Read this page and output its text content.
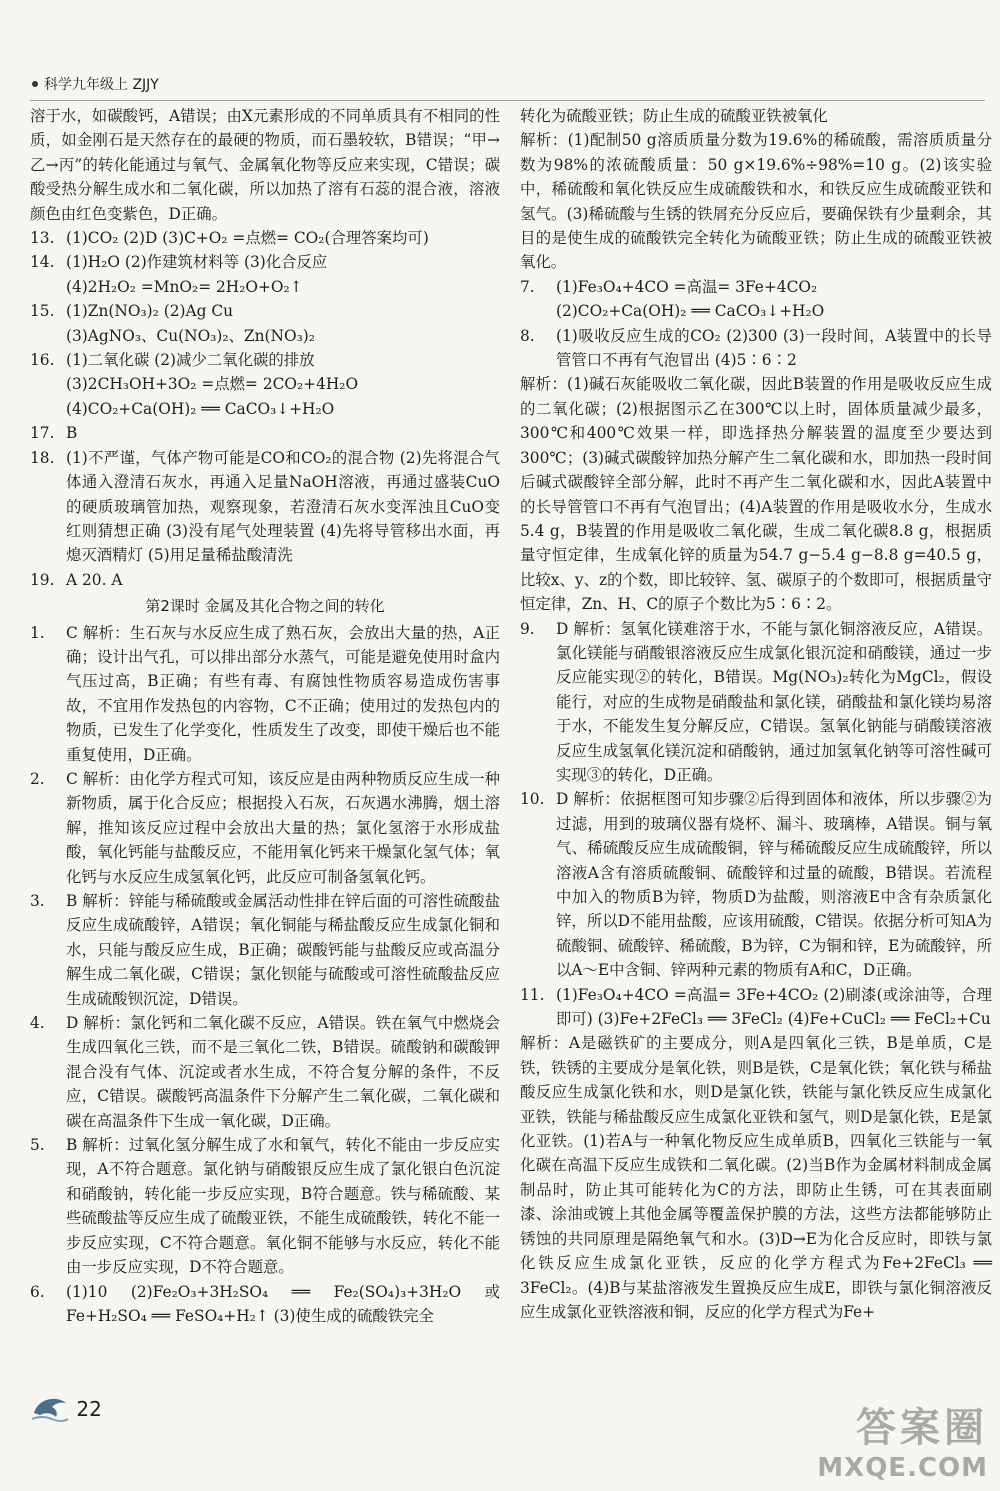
科学九年级上 ZJJY
溶于水，如碳酸钙，A错误；由X元素形成的不同单质具有不相同的性质，如金刚石是天然存在的最硬的物质，而石墨较软，B错误；“甲→乙→丙”的转化能通过与氧气、金属氧化物等反应来实现，C错误；碳酸受热分解生成水和二氧化碳，所以加热了溶有石蕊的混合液，溶液颜色由红色变紫色，D正确。
13. (1)CO₂ (2)D (3)C+O₂ =点燃= CO₂(合理答案均可)
14. (1)H₂O (2)作建筑材料等 (3)化合反应
(4)2H₂O₂ =MnO₂= 2H₂O+O₂↑
15. (1)Zn(NO₃)₂ (2)Ag Cu
(3)AgNO₃、Cu(NO₃)₂、Zn(NO₃)₂
16. (1)二氧化碳 (2)减少二氧化碳的排放
(3)2CH₃OH+3O₂ =点燃= 2CO₂+4H₂O
(4)CO₂+Ca(OH)₂ ══ CaCO₃↓+H₂O
17. B
18. (1)不严谨，气体产物可能是CO和CO₂的混合物 (2)先将混合气体通入澄清石灰水，再通入足量NaOH溶液，再通过盛装CuO的硬质玻璃管加热，观察现象，若澄清石灰水变浑浊且CuO变红则猜想正确 (3)没有尾气处理装置 (4)先将导管移出水面，再熄灭酒精灯 (5)用足量稀盐酸清洗
19. A 20. A
第2课时 金属及其化合物之间的转化
1.	C 解析：生石灰与水反应生成了熟石灰，会放出大量的热，A正确；设计出气孔，可以排出部分水蒸气，可能是避免使用时盒内气压过高，B正确；有些有毒、有腐蚀性物质容易造成伤害事故，不宜用作发热包的内容物，C不正确；使用过的发热包内的物质，已发生了化学变化，性质发生了改变，即使干燥后也不能重复使用，D正确。
2.	C 解析：由化学方程式可知，该反应是由两种物质反应生成一种新物质，属于化合反应；根据投入石灰，石灰遇水沸腾，烟土溶解，推知该反应过程中会放出大量的热；氯化氢溶于水形成盐酸，氧化钙能与盐酸反应，不能用氧化钙来干燥氯化氢气体；氧化钙与水反应生成氢氧化钙，此反应可制备氢氧化钙。
3.	B 解析：锌能与稀硫酸或金属活动性排在锌后面的可溶性硫酸盐反应生成硫酸锌，A错误；氧化铜能与稀盐酸反应生成氯化铜和水，只能与酸反应生成，B正确；碳酸钙能与盐酸反应或高温分解生成二氧化碳，C错误；氯化钡能与硫酸或可溶性硫酸盐反应生成硫酸钡沉淀，D错误。
4.	D 解析：氯化钙和二氧化碳不反应，A错误。铁在氧气中燃烧会生成四氧化三铁，而不是三氧化二铁，B错误。硫酸钠和碳酸钾混合没有气体、沉淀或者水生成，不符合复分解的条件，不反应，C错误。碳酸钙高温条件下分解产生二氧化碳，二氧化碳和碳在高温条件下生成一氧化碳，D正确。
5.	B 解析：过氧化氢分解生成了水和氧气，转化不能由一步反应实现，A不符合题意。氯化钠与硝酸银反应生成了氯化银白色沉淀和硝酸钠，转化能一步反应实现，B符合题意。铁与稀硫酸、某些硫酸盐等反应生成了硫酸亚铁，不能生成硫酸铁，转化不能一步反应实现，C不符合题意。氧化铜不能够与水反应，转化不能由一步反应实现，D不符合题意。
6.	(1)10 (2)Fe₂O₃+3H₂SO₄ ══ Fe₂(SO₄)₃+3H₂O 或 Fe+H₂SO₄ ══ FeSO₄+H₂↑ (3)使生成的硫酸铁完全
转化为硫酸亚铁；防止生成的硫酸亚铁被氧化
解析：(1)配制50 g溶质质量分数为19.6%的稀硫酸，需溶质质量分数为98%的浓硫酸质量：50 g×19.6%÷98%=10 g。(2)该实验中，稀硫酸和氧化铁反应生成硫酸铁和水，和铁反应生成硫酸亚铁和氢气。(3)稀硫酸与生锈的铁屑充分反应后，要确保铁有少量剩余，其目的是使生成的硫酸铁完全转化为硫酸亚铁；防止生成的硫酸亚铁被氧化。
7.	(1)Fe₃O₄+4CO =高温= 3Fe+4CO₂
(2)CO₂+Ca(OH)₂ ══ CaCO₃↓+H₂O
8.	(1)吸收反应生成的CO₂ (2)300 (3)一段时间，A装置中的长导管管口不再有气泡冒出 (4)5∶6∶2
解析：(1)碱石灰能吸收二氧化碳，因此B装置的作用是吸收反应生成的二氧化碳；(2)根据图示乙在300℃以上时，固体质量减少最多，300℃和400℃效果一样，即选择热分解装置的温度至少要达到300℃；(3)碱式碳酸锌加热分解产生二氧化碳和水，即加热一段时间后碱式碳酸锌全部分解，此时不再产生二氧化碳和水，因此A装置中的长导管管口不再有气泡冒出；(4)A装置的作用是吸收水分，生成水5.4 g，B装置的作用是吸收二氧化碳，生成二氧化碳8.8 g，根据质量守恒定律，生成氧化锌的质量为54.7 g−5.4 g−8.8 g=40.5 g，比较x、y、z的个数，即比较锌、氢、碳原子的个数即可，根据质量守恒定律，Zn、H、C的原子个数比为5∶6∶2。
9.	D 解析：氢氧化镁难溶于水，不能与氯化铜溶液反应，A错误。氯化镁能与硝酸银溶液反应生成氯化银沉淀和硝酸镁，通过一步反应能实现②的转化，B错误。Mg(NO₃)₂转化为MgCl₂，假设能行，对应的生成物是硝酸盐和氯化镁，硝酸盐和氯化镁均易溶于水，不能发生复分解反应，C错误。氢氧化钠能与硝酸镁溶液反应生成氢氧化镁沉淀和硝酸钠，通过加氢氧化钠等可溶性碱可实现③的转化，D正确。
10. D 解析：依据框图可知步骤②后得到固体和液体，所以步骤②为过滤，用到的玻璃仪器有烧杯、漏斗、玻璃棒，A错误。铜与氧气、稀硫酸反应生成硫酸铜，锌与稀硫酸反应生成硫酸锌，所以溶液A含有溶质硫酸铜、硫酸锌和过量的硫酸，B错误。若流程中加入的物质B为锌，物质D为盐酸，则溶液E中含有杂质氯化锌，所以D不能用盐酸，应该用硫酸，C错误。依据分析可知A为硫酸铜、硫酸锌、稀硫酸，B为锌，C为铜和锌，E为硫酸锌，所以A～E中含铜、锌两种元素的物质有A和C，D正确。
11. (1)Fe₃O₄+4CO =高温= 3Fe+4CO₂ (2)刷漆(或涂油等，合理即可) (3)Fe+2FeCl₃ ══ 3FeCl₂ (4)Fe+CuCl₂ ══ FeCl₂+Cu
解析：A是磁铁矿的主要成分，则A是四氧化三铁，B是单质，C是铁，铁锈的主要成分是氧化铁，则B是铁，C是氧化铁；氧化铁与稀盐酸反应生成氯化铁和水，则D是氯化铁，铁能与氯化铁反应生成氯化亚铁，铁能与稀盐酸反应生成氯化亚铁和氢气，则D是氯化铁，E是氯化亚铁。(1)若A与一种氧化物反应生成单质B，四氧化三铁能与一氧化碳在高温下反应生成铁和二氧化碳。(2)当B作为金属材料制成金属制品时，防止其可能转化为C的方法，即防止生锈，可在其表面刷漆、涂油或镀上其他金属等覆盖保护膜的方法，这些方法都能够防止锈蚀的共同原理是隔绝氧气和水。(3)D→E为化合反应时，即铁与氯化铁反应生成氯化亚铁，反应的化学方程式为Fe+2FeCl₃ ══ 3FeCl₂。(4)B与某盐溶液发生置换反应生成E，即铁与氯化铜溶液反应生成氯化亚铁溶液和铜，反应的化学方程式为Fe+
22	答案圈
MXQE.COM
